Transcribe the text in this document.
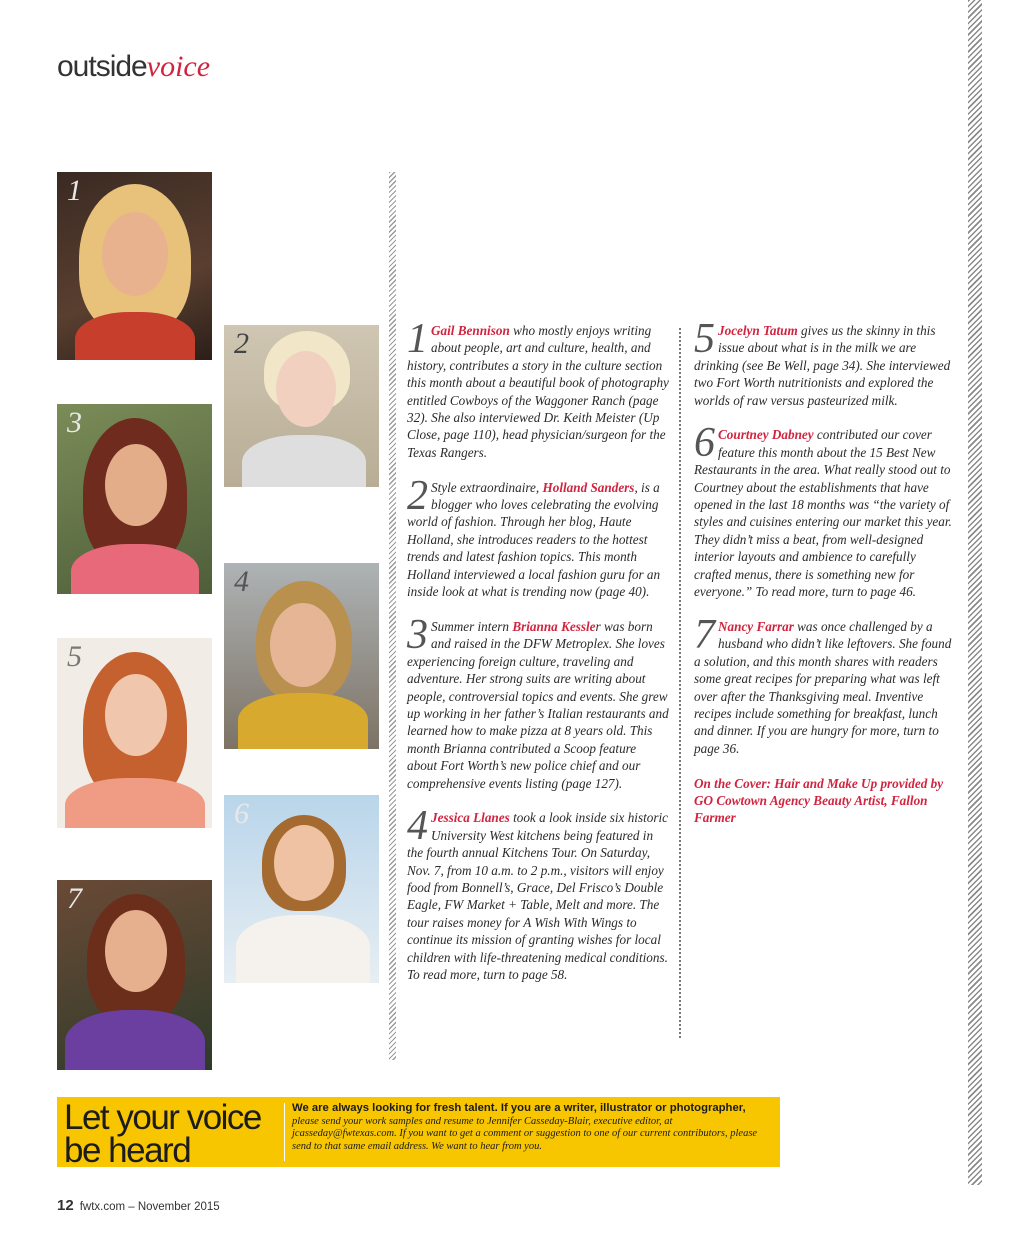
outsidevoice
1
2
3
4
5
6
7
1 Gail Bennison who mostly enjoys writing about people, art and culture, health, and history, contributes a story in the culture section this month about a beautiful book of photography entitled Cowboys of the Waggoner Ranch (page 32). She also interviewed Dr. Keith Meister (Up Close, page 110), head physician/surgeon for the Texas Rangers.
2 Style extraordinaire, Holland Sanders, is a blogger who loves celebrating the evolving world of fashion. Through her blog, Haute Holland, she introduces readers to the hottest trends and latest fashion topics. This month Holland interviewed a local fashion guru for an inside look at what is trending now (page 40).
3 Summer intern Brianna Kessler was born and raised in the DFW Metroplex. She loves experiencing foreign culture, traveling and adventure. Her strong suits are writing about people, controversial topics and events. She grew up working in her father’s Italian restaurants and learned how to make pizza at 8 years old. This month Brianna contributed a Scoop feature about Fort Worth’s new police chief and our comprehensive events listing (page 127).
4 Jessica Llanes took a look inside six historic University West kitchens being featured in the fourth annual Kitchens Tour. On Saturday, Nov. 7, from 10 a.m. to 2 p.m., visitors will enjoy food from Bonnell’s, Grace, Del Frisco’s Double Eagle, FW Market + Table, Melt and more. The tour raises money for A Wish With Wings to continue its mission of granting wishes for local children with life-threatening medical conditions. To read more, turn to page 58.
5 Jocelyn Tatum gives us the skinny in this issue about what is in the milk we are drinking (see Be Well, page 34). She interviewed two Fort Worth nutritionists and explored the worlds of raw versus pasteurized milk.
6 Courtney Dabney contributed our cover feature this month about the 15 Best New Restaurants in the area. What really stood out to Courtney about the establishments that have opened in the last 18 months was “the variety of styles and cuisines entering our market this year. They didn’t miss a beat, from well-designed interior layouts and ambience to carefully crafted menus, there is something new for everyone.” To read more, turn to page 46.
7 Nancy Farrar was once challenged by a husband who didn’t like leftovers. She found a solution, and this month shares with readers some great recipes for preparing what was left over after the Thanksgiving meal. Inventive recipes include something for breakfast, lunch and dinner. If you are hungry for more, turn to page 36.
On the Cover: Hair and Make Up provided by GO Cowtown Agency Beauty Artist, Fallon Farmer
Let your voice be heard
We are always looking for fresh talent. If you are a writer, illustrator or photographer, please send your work samples and resume to Jennifer Casseday-Blair, executive editor, at jcasseday@fwtexas.com. If you want to get a comment or suggestion to one of our current contributors, please send to that same email address. We want to hear from you.
12 fwtx.com – November 2015
